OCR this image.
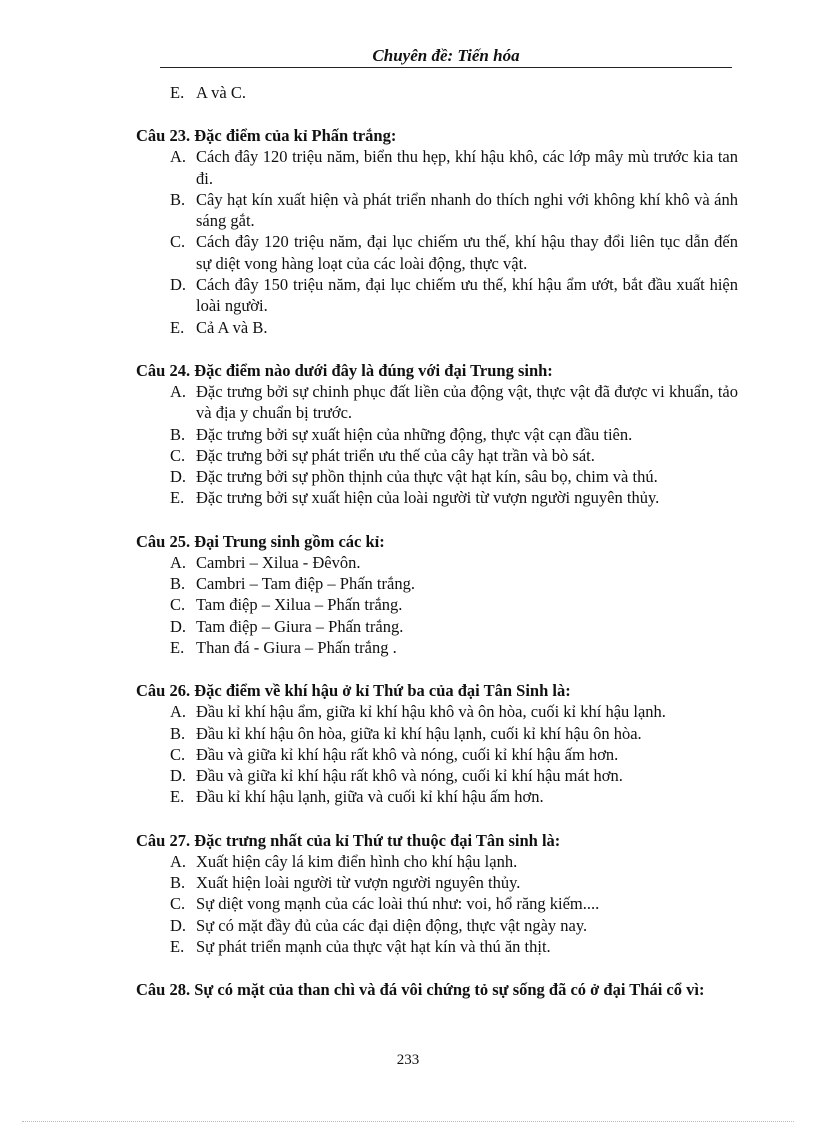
Chuyên đề: Tiến hóa
E. A và C.
Câu 23. Đặc điểm của kỉ Phấn trắng:
A. Cách đây 120 triệu năm, biển thu hẹp, khí hậu khô, các lớp mây mù trước kia tan đi.
B. Cây hạt kín xuất hiện và phát triển nhanh do thích nghi với không khí khô và ánh sáng gắt.
C. Cách đây 120 triệu năm, đại lục chiếm ưu thế, khí hậu thay đổi liên tục dẫn đến sự diệt vong hàng loạt của các loài động, thực vật.
D. Cách đây 150 triệu năm, đại lục chiếm ưu thế, khí hậu ẩm ướt, bắt đầu xuất hiện loài người.
E. Cả A và B.
Câu 24. Đặc điểm nào dưới đây là đúng với đại Trung sinh:
A. Đặc trưng bởi sự chinh phục đất liền của động vật, thực vật đã được vi khuẩn, tảo và địa y chuẩn bị trước.
B. Đặc trưng bởi sự xuất hiện của những động, thực vật cạn đầu tiên.
C. Đặc trưng bởi sự phát triển ưu thế của cây hạt trần và bò sát.
D. Đặc trưng bởi sự phồn thịnh của thực vật hạt kín, sâu bọ, chim và thú.
E. Đặc trưng bởi sự xuất hiện của loài người từ vượn người nguyên thủy.
Câu 25. Đại Trung sinh gồm các kỉ:
A. Cambri – Xilua - Đêvôn.
B. Cambri – Tam điệp – Phấn trắng.
C. Tam điệp – Xilua – Phấn trắng.
D. Tam điệp – Giura – Phấn trắng.
E. Than đá - Giura – Phấn trắng .
Câu 26. Đặc điểm về khí hậu ở kỉ Thứ ba của đại Tân Sinh là:
A. Đầu kỉ khí hậu ẩm, giữa kỉ khí hậu khô và ôn hòa, cuối kỉ khí hậu lạnh.
B. Đầu kỉ khí hậu ôn hòa, giữa kỉ khí hậu lạnh, cuối kỉ khí hậu ôn hòa.
C. Đầu và giữa kỉ khí hậu rất khô và nóng, cuối kỉ khí hậu ấm hơn.
D. Đầu và giữa kỉ khí hậu rất khô và nóng, cuối kỉ khí hậu mát hơn.
E. Đầu kỉ khí hậu lạnh, giữa và cuối kỉ khí hậu ấm hơn.
Câu 27. Đặc trưng nhất của kỉ Thứ tư thuộc đại Tân sinh là:
A. Xuất hiện cây lá kim điển hình cho khí hậu lạnh.
B. Xuất hiện loài người từ vượn người nguyên thủy.
C. Sự diệt vong mạnh của các loài thú như: voi, hổ răng kiếm....
D. Sự có mặt đầy đủ của các đại diện động, thực vật ngày nay.
E. Sự phát triển mạnh của thực vật hạt kín và thú ăn thịt.
Câu 28. Sự có mặt của than chì và đá vôi chứng tỏ sự sống đã có ở đại Thái cổ vì:
233
